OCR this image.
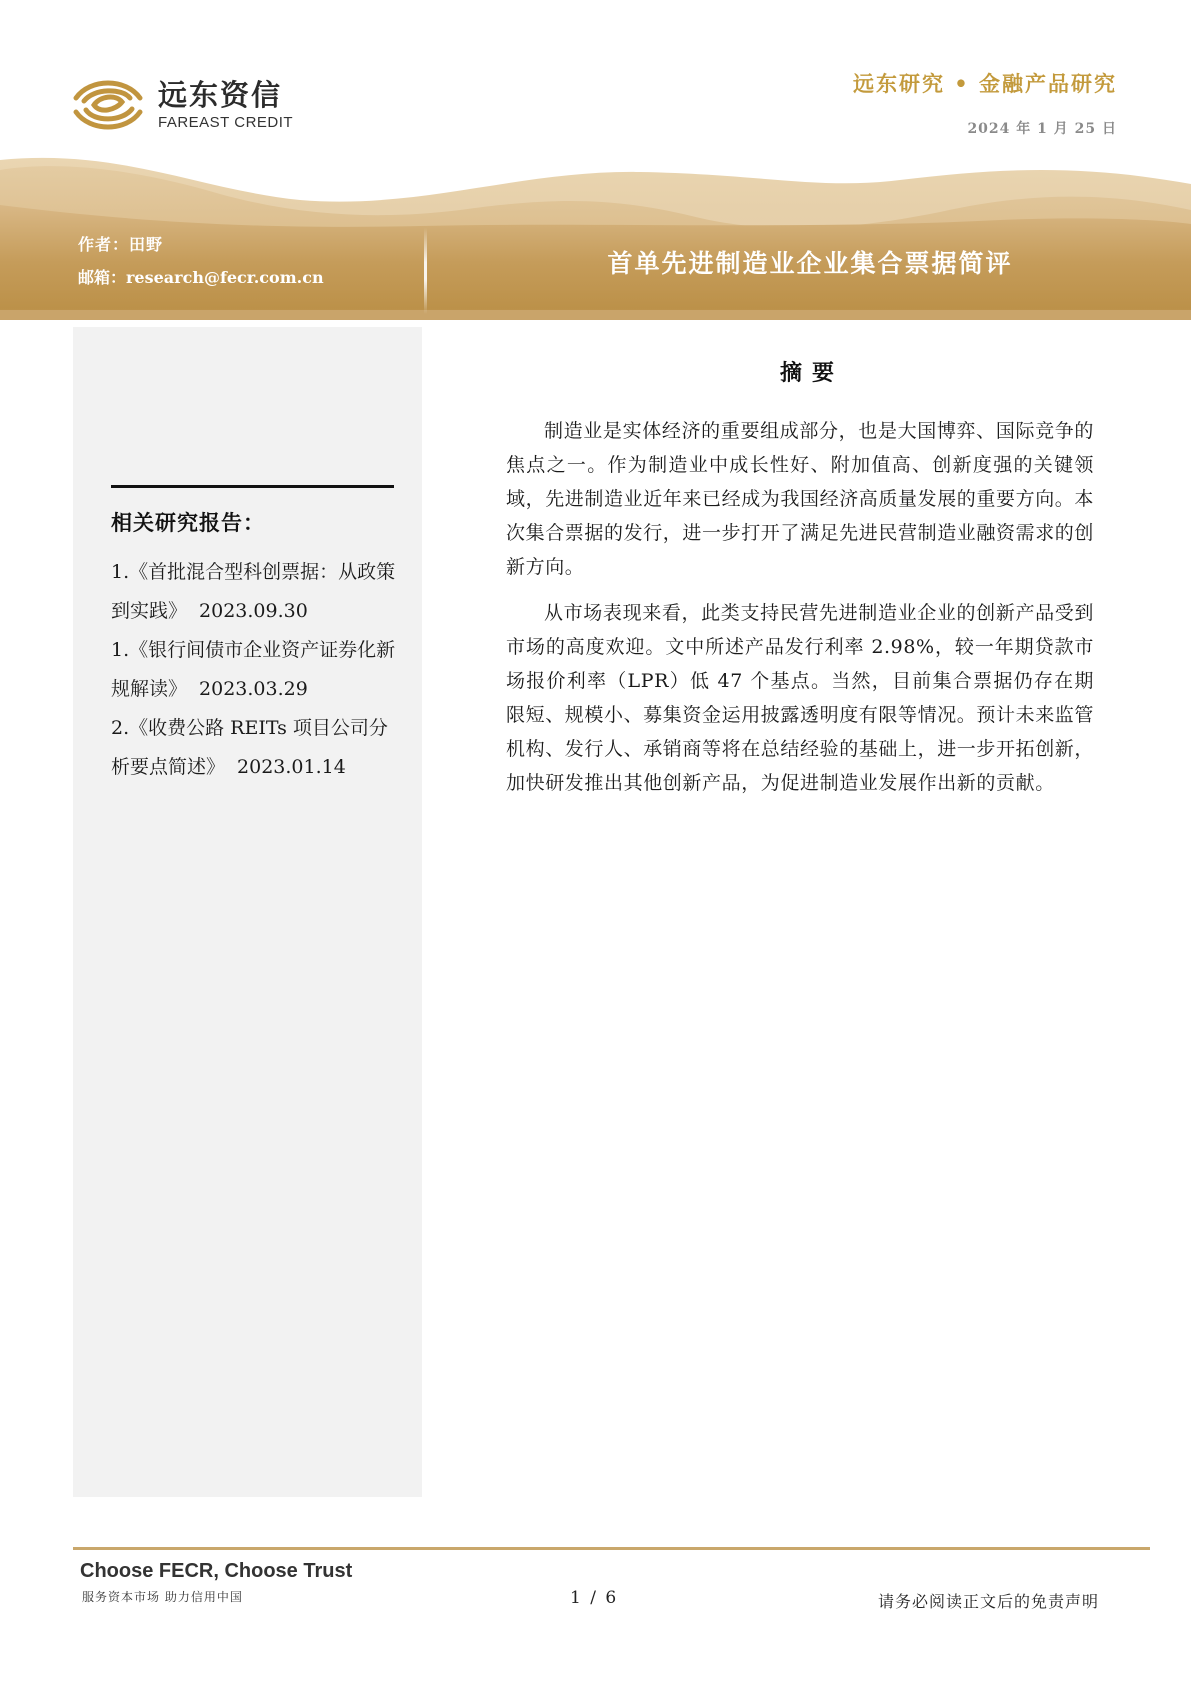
远东资信
FAREAST CREDIT
远东研究 • 金融产品研究
2024 年 1 月 25 日
作者：田野
邮箱：research@fecr.com.cn	首单先进制造业企业集合票据简评
相关研究报告：
1.《首批混合型科创票据：从政策到实践》 2023.09.30
1.《银行间债市企业资产证券化新规解读》 2023.03.29
2.《收费公路 REITs 项目公司分析要点简述》 2023.01.14
摘要

制造业是实体经济的重要组成部分，也是大国博弈、国际竞争的焦点之一。作为制造业中成长性好、附加值高、创新度强的关键领域，先进制造业近年来已经成为我国经济高质量发展的重要方向。本次集合票据的发行，进一步打开了满足先进民营制造业融资需求的创新方向。

从市场表现来看，此类支持民营先进制造业企业的创新产品受到市场的高度欢迎。文中所述产品发行利率 2.98%，较一年期贷款市场报价利率（LPR）低 47 个基点。当然，目前集合票据仍存在期限短、规模小、募集资金运用披露透明度有限等情况。预计未来监管机构、发行人、承销商等将在总结经验的基础上，进一步开拓创新，加快研发推出其他创新产品，为促进制造业发展作出新的贡献。

Choose FECR, Choose Trust
服务资本市场 助力信用中国	1 / 6	请务必阅读正文后的免责声明
